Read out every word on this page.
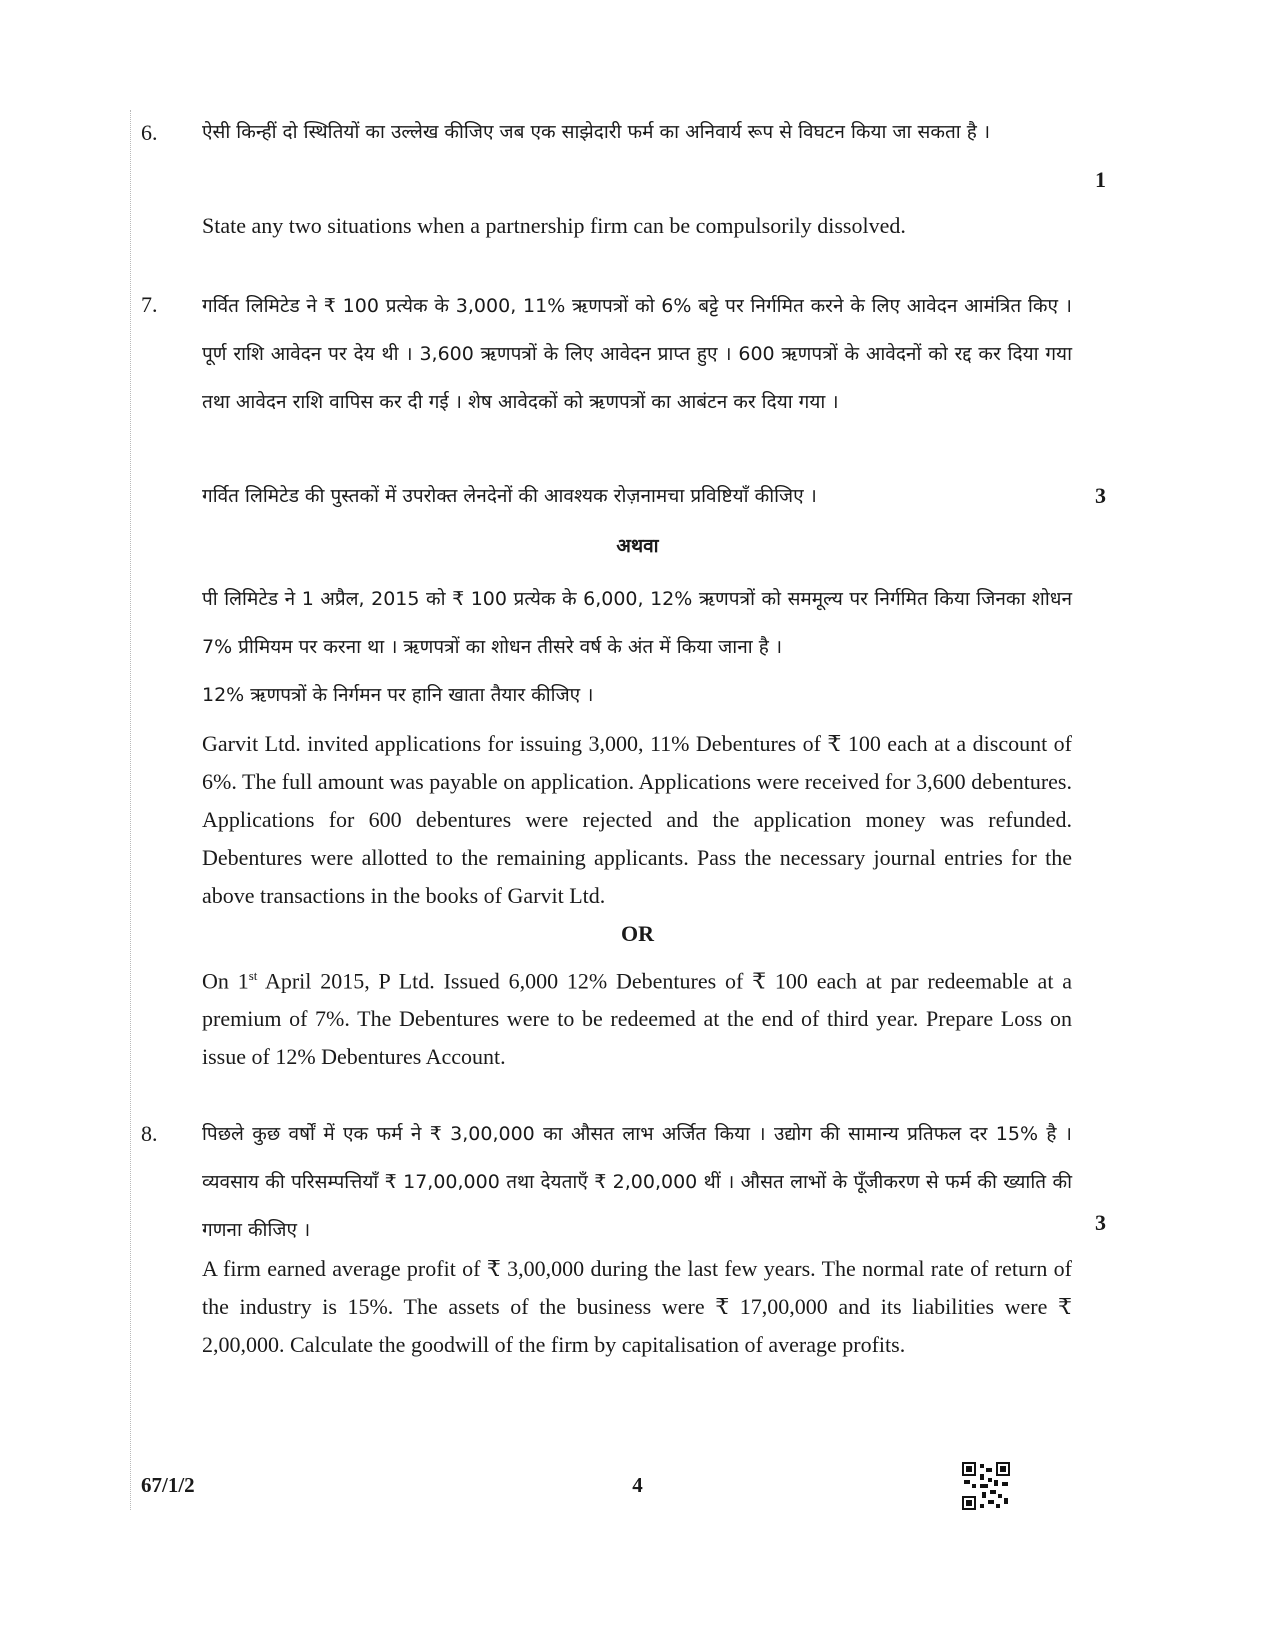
6. ऐसी किन्हीं दो स्थितियों का उल्लेख कीजिए जब एक साझेदारी फर्म का अनिवार्य रूप से विघटन किया जा सकता है ।
1
State any two situations when a partnership firm can be compulsorily dissolved.
7. गर्वित लिमिटेड ने ₹ 100 प्रत्येक के 3,000, 11% ऋणपत्रों को 6% बट्टे पर निर्गमित करने के लिए आवेदन आमंत्रित किए । पूर्ण राशि आवेदन पर देय थी । 3,600 ऋणपत्रों के लिए आवेदन प्राप्त हुए । 600 ऋणपत्रों के आवेदनों को रद्द कर दिया गया तथा आवेदन राशि वापिस कर दी गई । शेष आवेदकों को ऋणपत्रों का आबंटन कर दिया गया ।
गर्वित लिमिटेड की पुस्तकों में उपरोक्त लेनदेनों की आवश्यक रोज़नामचा प्रविष्टियाँ कीजिए ।	3
अथवा
पी लिमिटेड ने 1 अप्रैल, 2015 को ₹ 100 प्रत्येक के 6,000, 12% ऋणपत्रों को सममूल्य पर निर्गमित किया जिनका शोधन 7% प्रीमियम पर करना था । ऋणपत्रों का शोधन तीसरे वर्ष के अंत में किया जाना है ।
12% ऋणपत्रों के निर्गमन पर हानि खाता तैयार कीजिए ।
Garvit Ltd. invited applications for issuing 3,000, 11% Debentures of ₹ 100 each at a discount of 6%. The full amount was payable on application. Applications were received for 3,600 debentures. Applications for 600 debentures were rejected and the application money was refunded. Debentures were allotted to the remaining applicants. Pass the necessary journal entries for the above transactions in the books of Garvit Ltd.
OR
On 1st April 2015, P Ltd. Issued 6,000 12% Debentures of ₹ 100 each at par redeemable at a premium of 7%. The Debentures were to be redeemed at the end of third year. Prepare Loss on issue of 12% Debentures Account.
8. पिछले कुछ वर्षों में एक फर्म ने ₹ 3,00,000 का औसत लाभ अर्जित किया । उद्योग की सामान्य प्रतिफल दर 15% है । व्यवसाय की परिसम्पत्तियाँ ₹ 17,00,000 तथा देयताएँ ₹ 2,00,000 थीं । औसत लाभों के पूँजीकरण से फर्म की ख्याति की गणना कीजिए ।	3
A firm earned average profit of ₹ 3,00,000 during the last few years. The normal rate of return of the industry is 15%. The assets of the business were ₹ 17,00,000 and its liabilities were ₹ 2,00,000. Calculate the goodwill of the firm by capitalisation of average profits.
67/1/2	4
